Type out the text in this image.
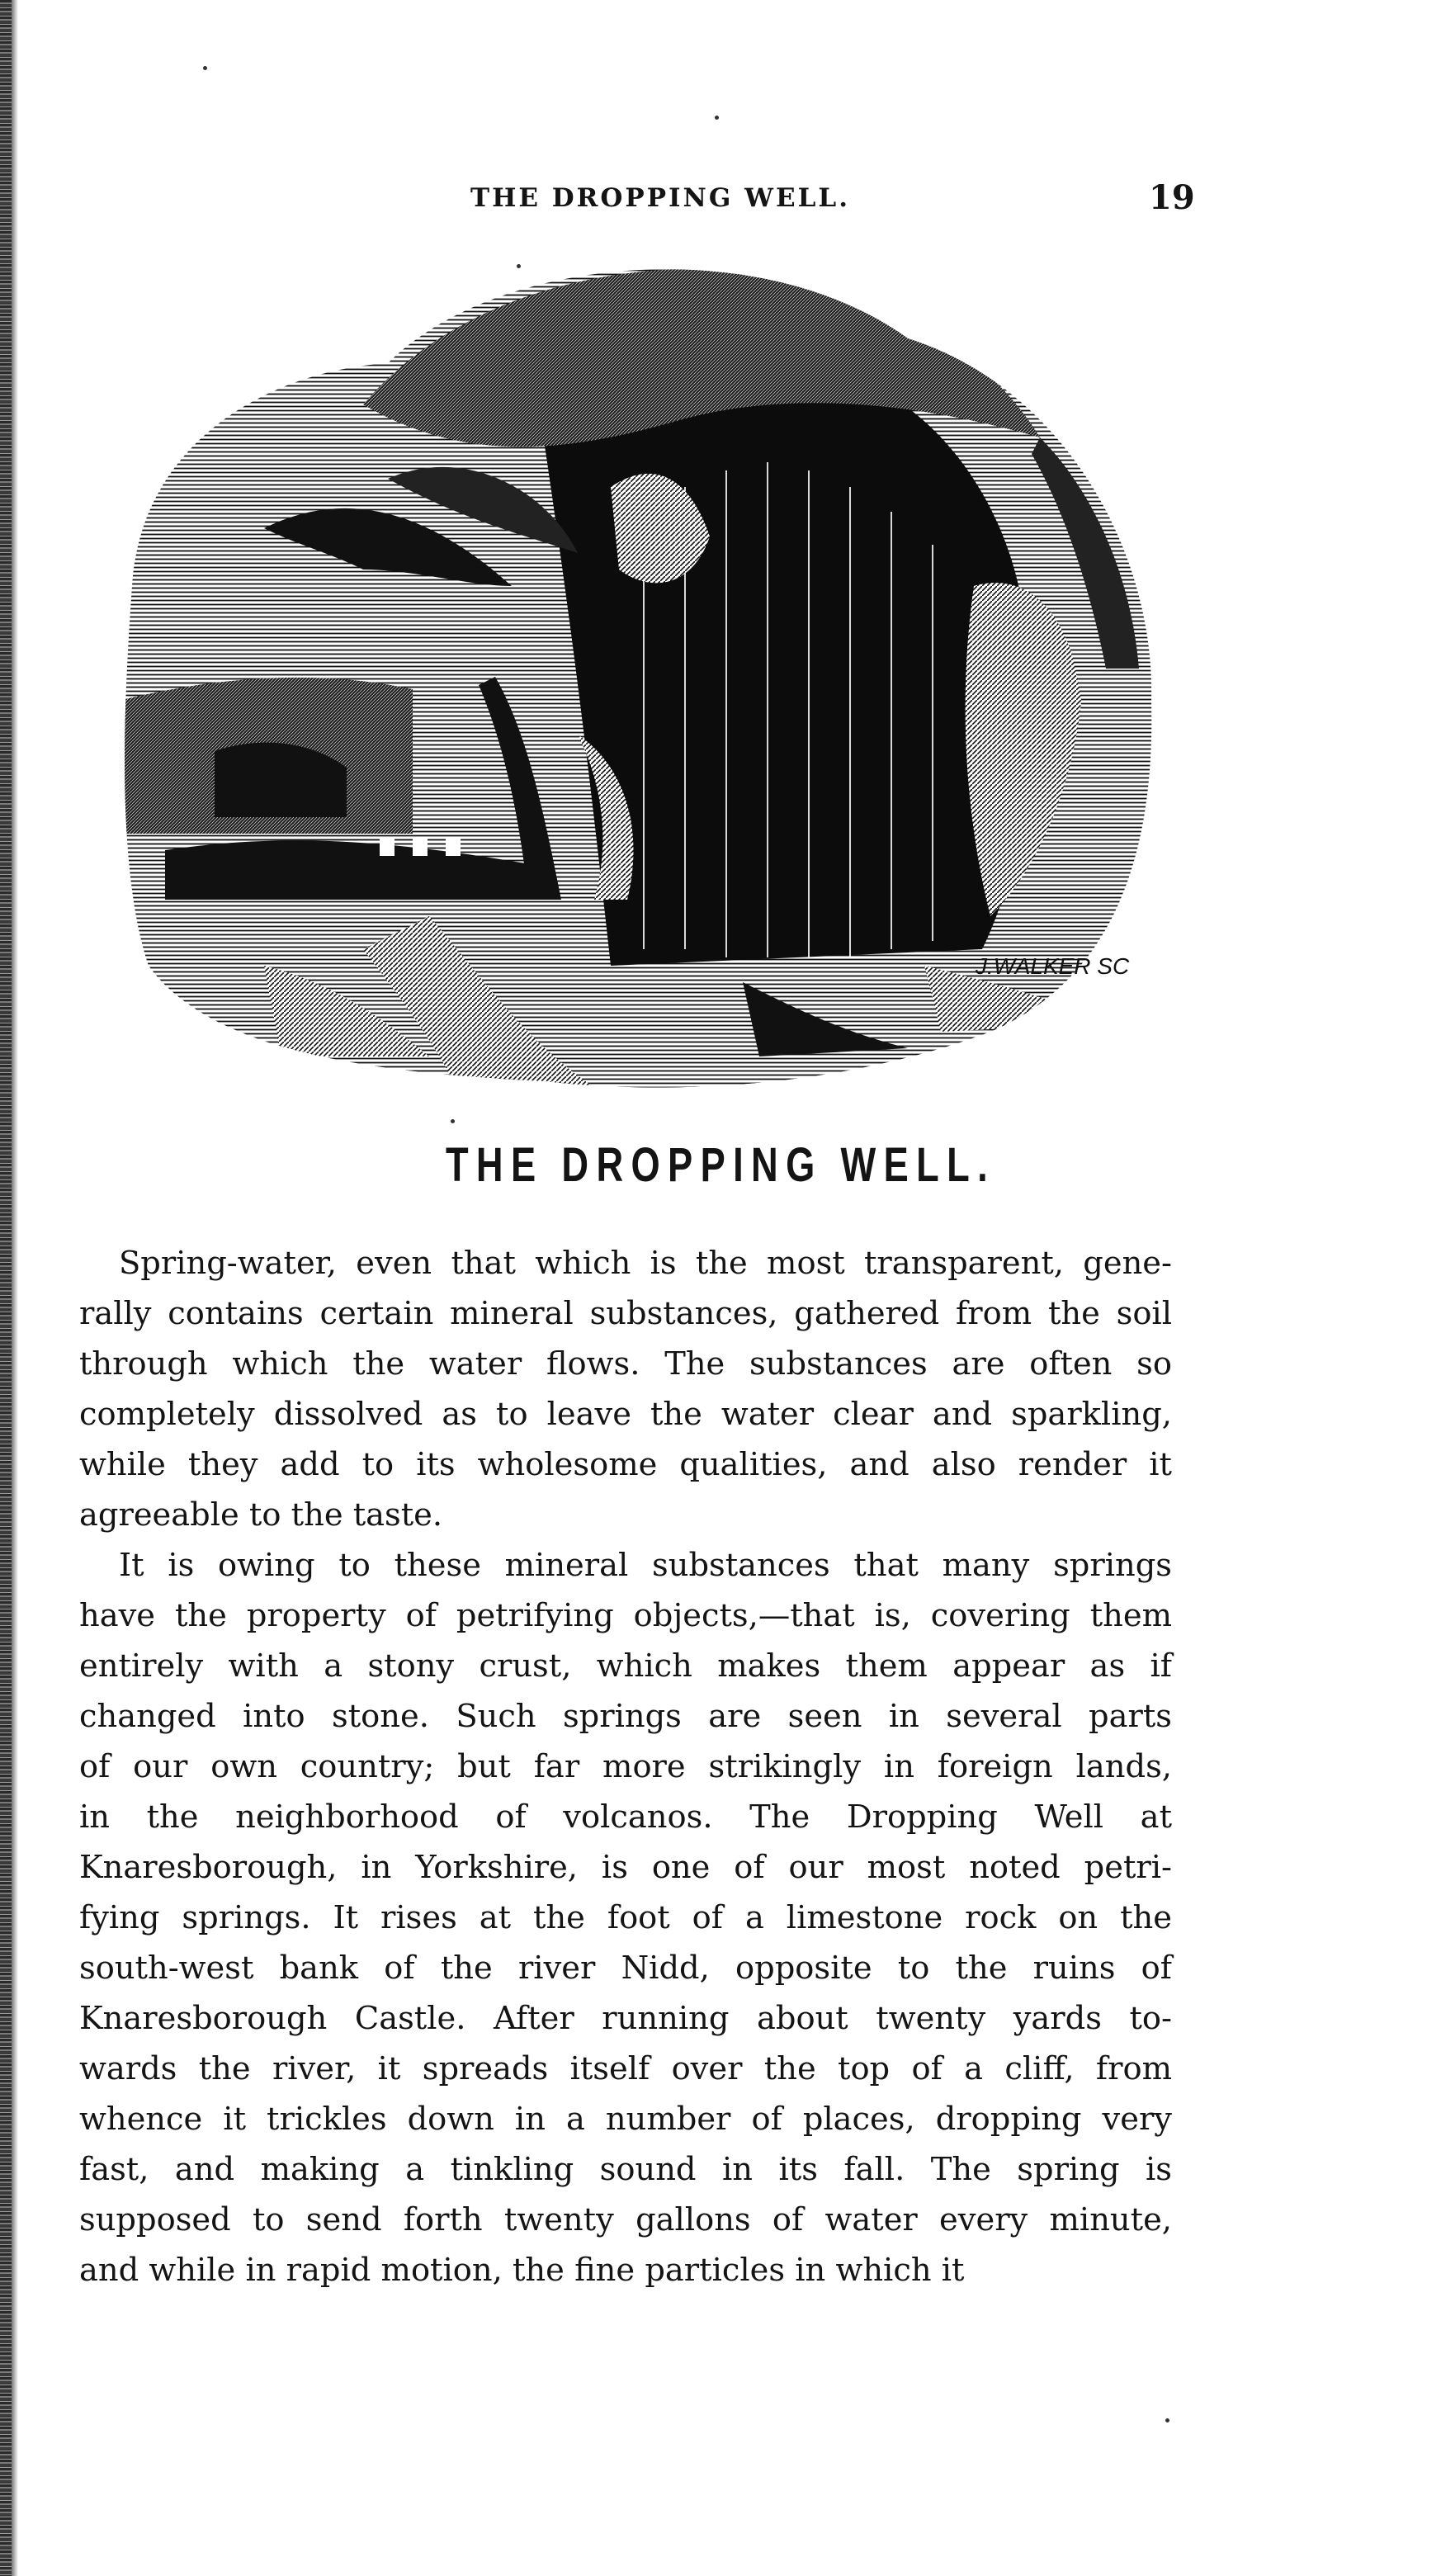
THE DROPPING WELL.	19
J.WALKER SC
THE DROPPING WELL.

Spring-water, even that which is the most transparent, gene-
rally contains certain mineral substances, gathered from the soil
through which the water flows. The substances are often so
completely dissolved as to leave the water clear and sparkling,
while they add to its wholesome qualities, and also render it
agreeable to the taste.

It is owing to these mineral substances that many springs
have the property of petrifying objects,—that is, covering them
entirely with a stony crust, which makes them appear as if
changed into stone. Such springs are seen in several parts
of our own country; but far more strikingly in foreign lands,
in the neighborhood of volcanos. The Dropping Well at
Knaresborough, in Yorkshire, is one of our most noted petri-
fying springs. It rises at the foot of a limestone rock on the
south-west bank of the river Nidd, opposite to the ruins of
Knaresborough Castle. After running about twenty yards to-
wards the river, it spreads itself over the top of a cliff, from
whence it trickles down in a number of places, dropping very
fast, and making a tinkling sound in its fall. The spring is
supposed to send forth twenty gallons of water every minute,
and while in rapid motion, the fine particles in which it
